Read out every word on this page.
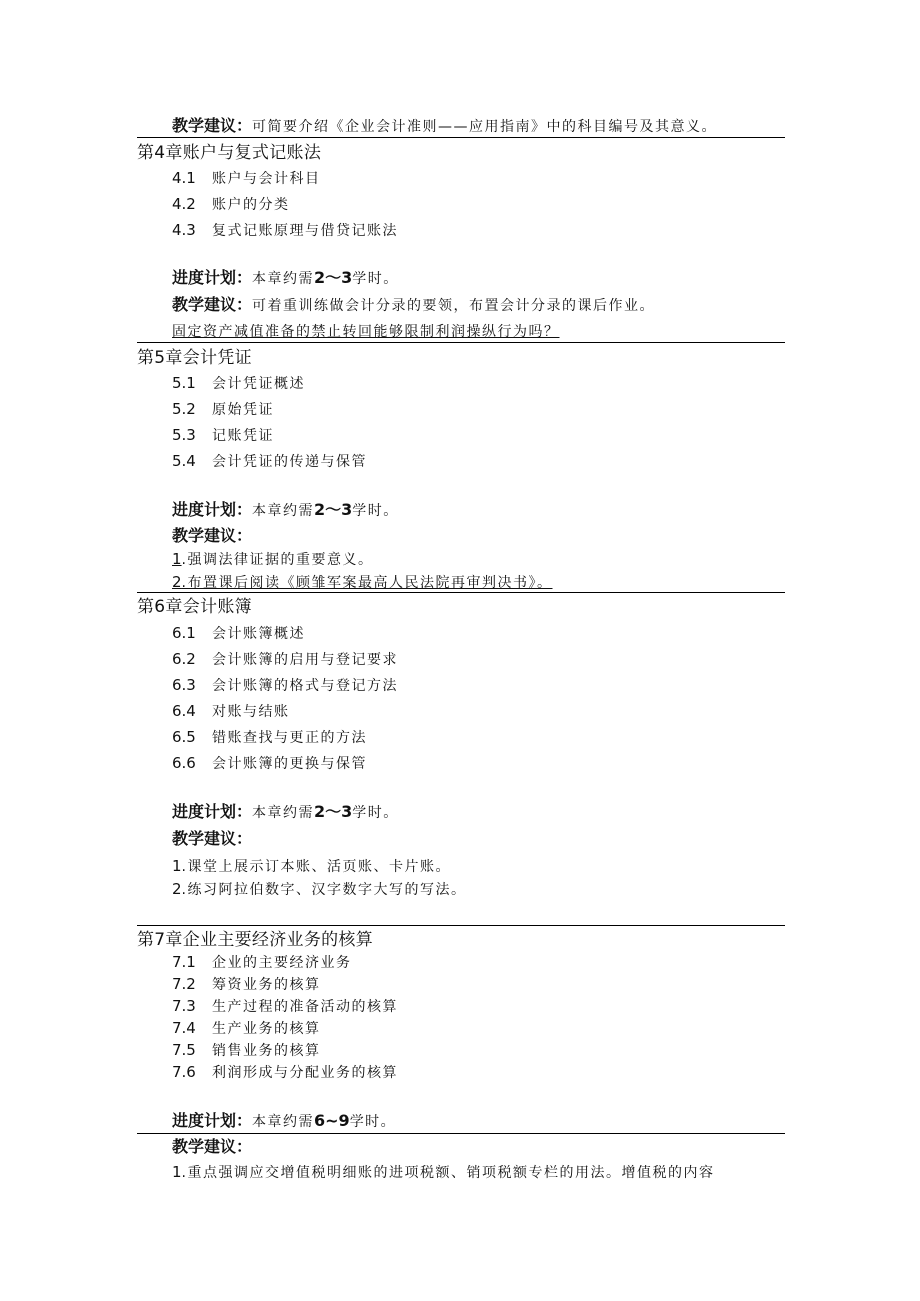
教学建议：可简要介绍《企业会计准则——应用指南》中的科目编号及其意义。
第4章账户与复式记账法
4.1 账户与会计科目
4.2 账户的分类
4.3 复式记账原理与借贷记账法
进度计划：本章约需2～3学时。
教学建议：可着重训练做会计分录的要领，布置会计分录的课后作业。
固定资产减值准备的禁止转回能够限制利润操纵行为吗？
第5章会计凭证
5.1 会计凭证概述
5.2 原始凭证
5.3 记账凭证
5.4 会计凭证的传递与保管
进度计划：本章约需2～3学时。
教学建议：
1.强调法律证据的重要意义。
2.布置课后阅读《顾雏军案最高人民法院再审判决书》。
第6章会计账簿
6.1 会计账簿概述
6.2 会计账簿的启用与登记要求
6.3 会计账簿的格式与登记方法
6.4 对账与结账
6.5 错账查找与更正的方法
6.6 会计账簿的更换与保管
进度计划：本章约需2～3学时。
教学建议：
1.课堂上展示订本账、活页账、卡片账。
2.练习阿拉伯数字、汉字数字大写的写法。
第7章企业主要经济业务的核算
7.1 企业的主要经济业务
7.2 筹资业务的核算
7.3 生产过程的准备活动的核算
7.4 生产业务的核算
7.5 销售业务的核算
7.6 利润形成与分配业务的核算
进度计划：本章约需6~9学时。
教学建议：
1.重点强调应交增值税明细账的进项税额、销项税额专栏的用法。增值税的内容
